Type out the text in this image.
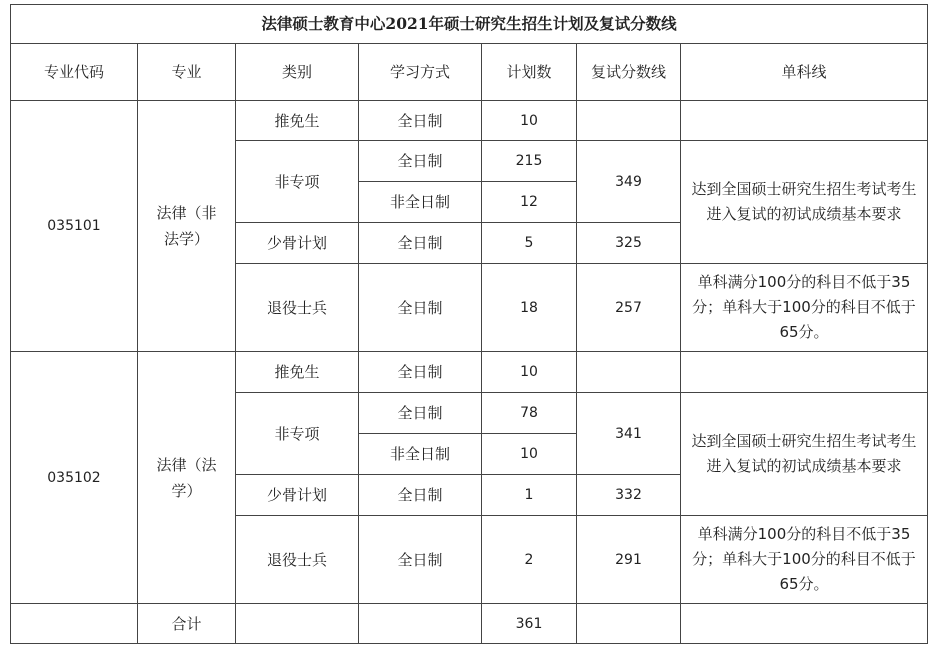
法律硕士教育中心2021年硕士研究生招生计划及复试分数线						
专业代码	专业	类别	学习方式	计划数	复试分数线	单科线
035101	法律（非法学）	推免生	全日制	10		
		非专项	全日制	215	349	达到全国硕士研究生招生考试考生进入复试的初试成绩基本要求
			非全日制	12		
		少骨计划	全日制	5	325	
		退役士兵	全日制	18	257	单科满分100分的科目不低于35分；单科大于100分的科目不低于65分。
035102	法律（法学）	推免生	全日制	10		
		非专项	全日制	78	341	达到全国硕士研究生招生考试考生进入复试的初试成绩基本要求
			非全日制	10		
		少骨计划	全日制	1	332	
		退役士兵	全日制	2	291	单科满分100分的科目不低于35分；单科大于100分的科目不低于65分。
	合计			361		
